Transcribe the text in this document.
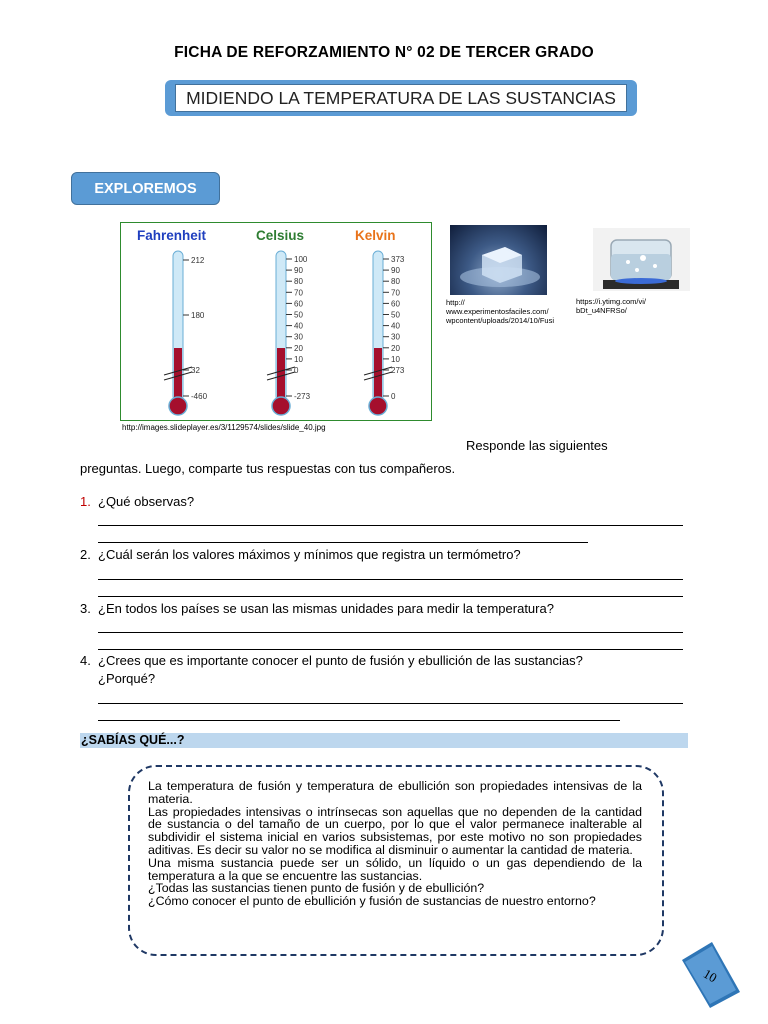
FICHA DE REFORZAMIENTO N° 02 DE TERCER GRADO
MIDIENDO LA TEMPERATURA DE LAS SUSTANCIAS
EXPLOREMOS
Fahrenheit	Celsius	Kelvin
212
180
32
-460
100
90
80
70
60
50
40
30
20
10
0
-273
373
90
80
70
60
50
40
30
20
10
273
0
http://images.slideplayer.es/3/1129574/slides/slide_40.jpg
http://
www.experimentosfaciles.com/
wpcontent/uploads/2014/10/Fusi
https://i.ytimg.com/vi/
bDt_u4NFRSo/
Responde las siguientes
preguntas. Luego, comparte tus respuestas con tus compañeros.
1. ¿Qué observas?
2. ¿Cuál serán los valores máximos y mínimos que registra un termómetro?
3. ¿En todos los países se usan las mismas unidades para medir la temperatura?
4. ¿Crees que es importante conocer el punto de fusión y ebullición de las sustancias?
¿Porqué?
¿SABÍAS QUÉ...?

La temperatura de fusión y temperatura de ebullición son propiedades intensivas de la materia.

Las propiedades intensivas o intrínsecas son aquellas que no dependen de la cantidad de sustancia o del tamaño de un cuerpo, por lo que el valor permanece inalterable al subdividir el sistema inicial en varios subsistemas, por este motivo no son propiedades aditivas. Es decir su valor no se modifica al disminuir o aumentar la cantidad de materia.

Una misma sustancia puede ser un sólido, un líquido o un gas dependiendo de la temperatura a la que se encuentre las sustancias.

¿Todas las sustancias tienen punto de fusión y de ebullición?

¿Cómo conocer el punto de ebullición y fusión de sustancias de nuestro entorno?

10
